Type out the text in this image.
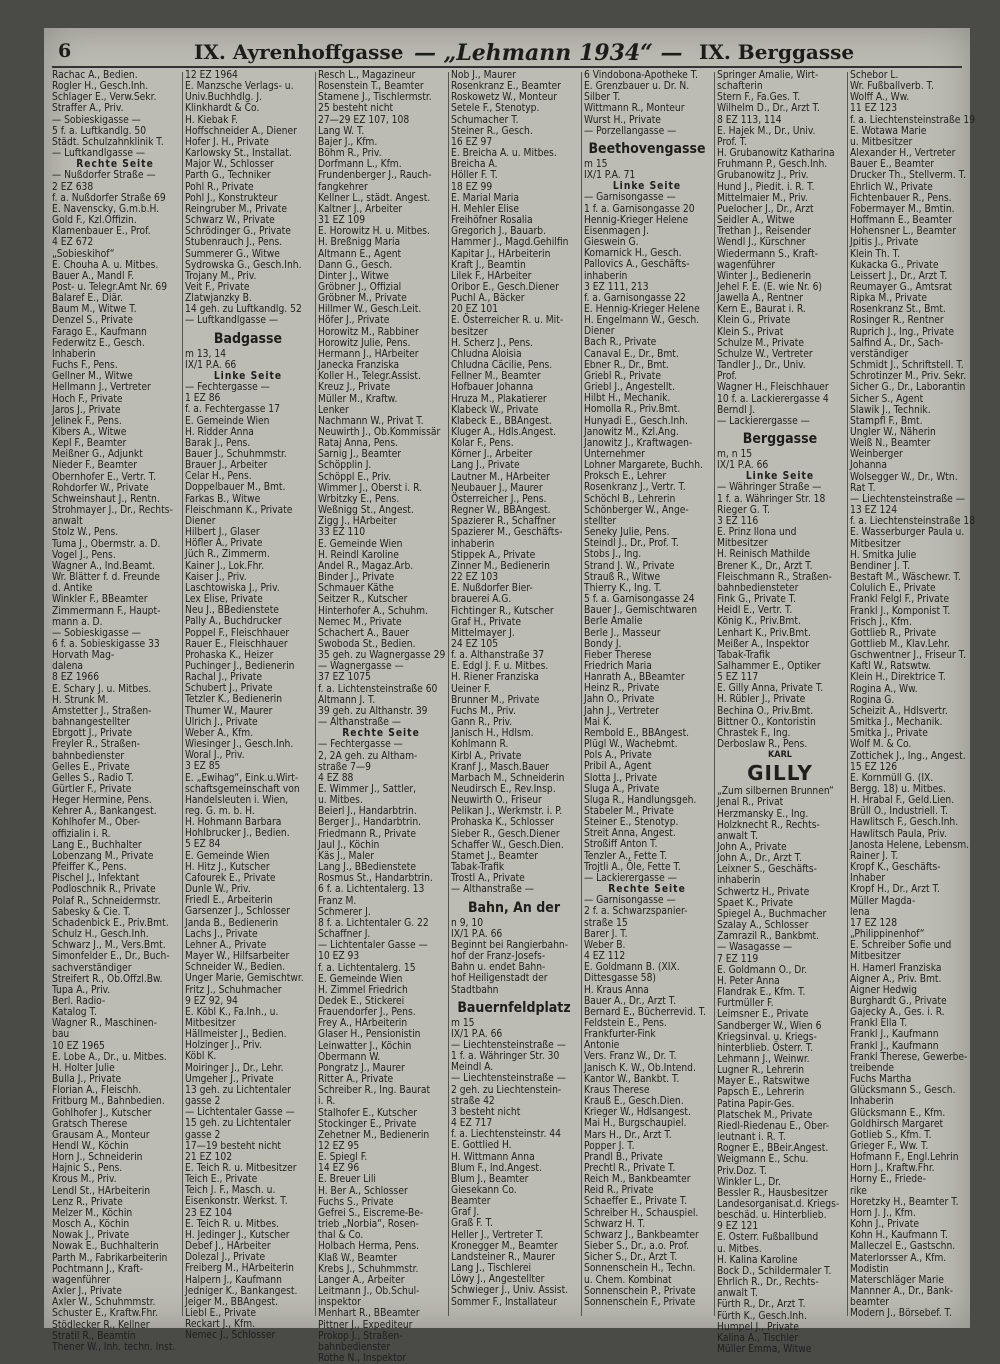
6	IX. Ayrenhoffgasse — „Lehmann 1934“ — IX. Berggasse
Rachac A., Bedien.
Rogler H., Gesch.Inh.
Schlager E., Verw.Sekr.
Straffer A., Priv.
— Sobieskigasse —
5 f. a. Luftkandlg. 50
Städt. Schulzahnklinik T.
— Luftkandlgasse —
Rechte Seite
— Nußdorfer Straße —
2 EZ 638
f. a. Nußdorfer Straße 69
E. Navenscky, G.m.b.H.
Gold F., Kzl.Offizin.
Klamenbauer E., Prof.
4 EZ 672
„Sobieskihof“
E. Chouha A. u. Mitbes.
Bauer A., Mandl F.
Post- u. Telegr.Amt Nr. 69
Balaref E., Diär.
Baum M., Witwe T.
Denzel S., Private
Farago E., Kaufmann
Federwitz E., Gesch.
Inhaberin
Fuchs F., Pens.
Gellner M., Witwe
Hellmann J., Vertreter
Hoch F., Private
Jaros J., Private
Jelinek F., Pens.
Kibers A., Witwe
Kepl F., Beamter
Meißner G., Adjunkt
Nieder F., Beamter
Obernhofer E., Vertr. T.
Rohdorfer W., Private
Schweinshaut J., Rentn.
Strohmayer J., Dr., Rechts-
anwalt
Stolz W., Pens.
Tuma J., Obermstr. a. D.
Vogel J., Pens.
Wagner A., Ind.Beamt.
Wr. Blätter f. d. Freunde
d. Antike
Winkler F., BBeamter
Zimmermann F., Haupt-
mann a. D.
— Sobieskigasse —
6 f. a. Sobieskigasse 33
Horvath Mag-
dalena
8 EZ 1966
E. Schary J. u. Mitbes.
H. Strunk M.
Amstetter J., Straßen-
bahnangestellter
Ebrgott J., Private
Freyler R., Straßen-
bahnbedienster
Gelles E., Private
Gelles S., Radio T.
Gürtler F., Private
Heger Hermine, Pens.
Kehrer A., Bankangest.
Kohlhofer M., Ober-
offizialin i. R.
Lang E., Buchhalter
Lobenzang M., Private
Pfeiffer K., Pens.
Pischel J., Infektant
Podloschnik R., Private
Polaf R., Schneidermstr.
Sabesky & Cie. T.
Schadenbick E., Priv.Bmt.
Schulz H., Gesch.Inh.
Schwarz J., M., Vers.Bmt.
Simonfelder E., Dr., Buch-
sachverständiger
Streifert R., Ob.Offzl.Bw.
Tupa A., Priv.
Berl. Radio-
Katalog T.
Wagner R., Maschinen-
bau
10 EZ 1965
E. Lobe A., Dr., u. Mitbes.
H. Holter Julie
Bulla J., Private
Florian A., Fleischh.
Fritburg M., Bahnbedien.
Gohlhofer J., Kutscher
Gratsch Therese
Grausam A., Monteur
Hendl W., Köchin
Horn J., Schneiderin
Hajnic S., Pens.
Krous M., Priv.
Lendl St., HArbeiterin
Lenz R., Private
Melzer M., Köchin
Mosch A., Köchin
Nowak J., Private
Nowak E., Buchhalterin
Parth M., Fabrikarbeiterin
Pochtmann J., Kraft-
wagenführer
Axler J., Private
Axler W., Schuhmmstr.
Schuster E., Kraftw.Fhr.
Stödlecker R., Kellner
Stratil R., Beamtin
Thener W., Inh. techn. Inst.
12 EZ 1964
E. Manzsche Verlags- u.
Univ.Buchhdlg. J.
Klinkhardt & Co.
H. Kiebak F.
Hoffschneider A., Diener
Hofer J. H., Private
Karlowsky St., Installat.
Major W., Schlosser
Parth G., Techniker
Pohl R., Private
Pohl J., Konstrukteur
Reingruber M., Private
Schwarz W., Private
Schrödinger G., Private
Stubenrauch J., Pens.
Summerer G., Witwe
Sydrowska G., Gesch.Inh.
Trojany M., Priv.
Veit F., Private
Zlatwjanzky B.
14 geh. zu Luftkandlg. 52
— Luftkandlgasse —
Badgasse
m 13, 14
IX/1 P.A. 66
Linke Seite
— Fechtergasse —
1 EZ 86
f. a. Fechtergasse 17
E. Gemeinde Wien
H. Ridder Anna
Barak J., Pens.
Bauer J., Schuhmmstr.
Brauer J., Arbeiter
Celar H., Pens.
Doppelbauer M., Bmt.
Farkas B., Witwe
Fleischmann K., Private
Diener
Hilbert J., Glaser
Höfler A., Private
Jüch R., Zimmerm.
Kainer J., Lok.Fhr.
Kaiser J., Priv.
Laschtowiska J., Priv.
Lex Elise, Private
Neu J., BBedienstete
Pally A., Buchdrucker
Poppel F., Fleischhauer
Rauer E., Fleischhauer
Prohaska K., Heizer
Puchinger J., Bedienerin
Rachal J., Private
Schubert J., Private
Tetzler K., Bedienerin
Thumer W., Maurer
Ulrich J., Private
Weber A., Kfm.
Wiesinger J., Gesch.Inh.
Woral J., Priv.
3 EZ 85
E. „Ewihag“, Eink.u.Wirt-
schaftsgemeinschaft von
Handelsleuten i. Wien,
reg. G. m. b. H.
H. Hohmann Barbara
Hohlbrucker J., Bedien.
5 EZ 84
E. Gemeinde Wien
H. Hitz J., Kutscher
Cafourek E., Private
Dunle W., Priv.
Friedl E., Arbeiterin
Garsenzer J., Schlosser
Janda B., Bedienerin
Lachs J., Private
Lehner A., Private
Mayer W., Hilfsarbeiter
Schneider W., Bedien.
Unger Marie, Gemischtwr.
Fritz J., Schuhmacher
9 EZ 92, 94
E. Köbl K., Fa.Inh., u.
Mitbesitzer
Hällmeister J., Bedien.
Holzinger J., Priv.
Köbl K.
Moiringer J., Dr., Lehr.
Umgeher J., Private
13 geh. zu Lichtentaler
gasse 2
— Lichtentaler Gasse —
15 geh. zu Lichtentaler
gasse 2
17—19 besteht nicht
21 EZ 102
E. Teich R. u. Mitbesitzer
Teich E., Private
Teich J. F., Masch. u.
Eisenkonstr. Werkst. T.
23 EZ 104
E. Teich R. u. Mitbes.
H. Jedinger J., Kutscher
Debef J., HArbeiter
Dolezal J., Private
Freiberg M., HArbeiterin
Halpern J., Kaufmann
Jedniger K., Bankangest.
Jeiger M., BBAngest.
Liebl E., Private
Reckart J., Kfm.
Nemec J., Schlosser
Resch L., Magazineur
Rosenstein T., Beamter
Stamene J., Tischlermstr.
25 besteht nicht
27—29 EZ 107, 108
Lang W. T.
Bajer J., Kfm.
Böhm R., Priv.
Dorfmann L., Kfm.
Frundenberger J., Rauch-
fangkehrer
Kellner L., städt. Angest.
Kaltner J., Arbeiter
31 EZ 109
E. Horowitz H. u. Mitbes.
H. Breßnigg Maria
Altmann E., Agent
Dann G., Gesch.
Dinter J., Witwe
Gröbner J., Offizial
Gröbner M., Private
Hillmer W., Gesch.Leit.
Höfer J., Private
Horowitz M., Rabbiner
Horowitz Julie, Pens.
Hermann J., HArbeiter
Janecka Franziska
Koller H., Telegr.Assist.
Kreuz J., Private
Müller M., Kraftw.
Lenker
Nachmann W., Privat T.
Neuwirth J., Ob.Kommissär
Rataj Anna, Pens.
Sarnig J., Beamter
Schöpplin J.
Schöppl E., Priv.
Wimmer J., Oberst i. R.
Wrbitzky E., Pens.
Weßnigg St., Angest.
Zigg J., HArbeiter
33 EZ 110
E. Gemeinde Wien
H. Reindl Karoline
Andel R., Magaz.Arb.
Binder J., Private
Schmauer Käthe
Seitzer R., Kutscher
Hinterhofer A., Schuhm.
Nemec M., Private
Schachert A., Bauer
Swoboda St., Bedien.
35 geh. zu Wagnergasse 29
— Wagnergasse —
37 EZ 1075
f. a. Lichtensteinstraße 60
Altmann J. T.
39 geh. zu Althanstr. 39
— Althanstraße —
Rechte Seite
— Fechtergasse —
2, 2A geh. zu Altham-
straße 7—9
4 EZ 88
E. Wimmer J., Sattler,
u. Mitbes.
Beierl J., Handarbtrin.
Berger J., Handarbtrin.
Friedmann R., Private
Jaul J., Köchin
Käs J., Maler
Lang J., BBedienstete
Rosmus St., Handarbtrin.
6 f. a. Lichtentalerg. 13
Franz M.
Schmerer J.
8 f. a. Lichtentaler G. 22
Schaffner J.
— Lichtentaler Gasse —
10 EZ 93
f. a. Lichtentalerg. 15
E. Gemeinde Wien
H. Zimmel Friedrich
Dedek E., Stickerei
Frauendorfer J., Pens.
Frey A., HArbeiterin
Glaser H., Pensionistin
Leinwatter J., Köchin
Obermann W.
Pongratz J., Maurer
Ritter A., Private
Schreiber R., Ing. Baurat
i. R.
Stalhofer E., Kutscher
Stockinger E., Private
Zehetner M., Bedienerin
12 EZ 95
E. Spiegl F.
14 EZ 96
E. Breuer Lili
H. Ber A., Schlosser
Fuchs S., Private
Gefrei S., Eiscreme-Be-
trieb „Norbia“, Rosen-
thal & Co.
Holbach Herma, Pens.
Klaß W., Beamter
Krebs J., Schuhmmstr.
Langer A., Arbeiter
Leitmann J., Ob.Schul-
inspektor
Menhart R., BBeamter
Pittner J., Expediteur
Prokop J., Straßen-
bahnbedienster
Rothe N., Inspektor
Nob J., Maurer
Rosenkranz E., Beamter
Roskowetz W., Monteur
Setele F., Stenotyp.
Schumacher T.
Steiner R., Gesch.
16 EZ 97
E. Breicha A. u. Mitbes.
Breicha A.
Höller F. T.
18 EZ 99
E. Marial Maria
H. Mehler Elise
Freihöfner Rosalia
Gregorich J., Bauarb.
Hammer J., Magd.Gehilfin
Kapitar J., HArbeiterin
Kraft J., Beamtin
Lilek F., HArbeiter
Oribor E., Gesch.Diener
Puchl A., Bäcker
20 EZ 101
E. Österreicher R. u. Mit-
besitzer
H. Scherz J., Pens.
Chludna Aloisia
Chludna Cäcilie, Pens.
Fellner M., Beamter
Hofbauer Johanna
Hruza M., Plakatierer
Klabeck W., Private
Klabeck E., BBAngest.
Kluger A., Hdls.Angest.
Kolar F., Pens.
Körner J., Arbeiter
Lang J., Private
Lautner M., HArbeiter
Neubauer J., Maurer
Österreicher J., Pens.
Regner W., BBAngest.
Spazierer R., Schaffner
Spazierer M., Geschäfts-
inhaberin
Stippek A., Private
Zinner M., Bedienerin
22 EZ 103
E. Nußdorfer Bier-
brauerei A.G.
Fichtinger R., Kutscher
Graf H., Private
Mittelmayer J.
24 EZ 105
f. a. Althanstraße 37
E. Edgl J. F. u. Mitbes.
H. Riener Franziska
Ueiner F.
Brunner M., Private
Fuchs M., Priv.
Gann R., Priv.
Janisch H., Hdlsm.
Kohlmann R.
Kirbl A., Private
Kranf J., Masch.Bauer
Marbach M., Schneiderin
Neudirsch E., Rev.Insp.
Neuwirth O., Friseur
Pelikan J., Werkmstr. i. P.
Prohaska K., Schlosser
Sieber R., Gesch.Diener
Schaffer W., Gesch.Dien.
Stamet J., Beamter
Tabak-Trafik
Trostl A., Private
— Althanstraße —
Bahn, An der
n 9, 10
IX/1 P.A. 66
Beginnt bei Rangierbahn-
hof der Franz-Josefs-
Bahn u. endet Bahn-
hof Heiligenstadt der
Stadtbahn
Bauernfeldplatz
m 15
IX/1 P.A. 66
— Liechtensteinstraße —
1 f. a. Währinger Str. 30
Meindl A.
— Liechtensteinstraße —
2 geh. zu Liechtenstein-
straße 42
3 besteht nicht
4 EZ 717
f. a. Liechtensteinstr. 44
E. Gottlied H.
H. Wittmann Anna
Blum F., Ind.Angest.
Blum J., Beamter
Giesekann Co.
Beamter
Graf J.
Graß F. T.
Heller J., Vertreter T.
Kronegger M., Beamter
Landsteiner R., Maurer
Lang J., Tischlerei
Löwy J., Angestellter
Schwieger J., Univ. Assist.
Sommer F., Installateur
6 Vindobona-Apotheke T.
E. Grenzbauer u. Dr. N.
Silber T.
Wittmann R., Monteur
Wurst H., Private
— Porzellangasse —
Beethovengasse
m 15
IX/1 P.A. 71
Linke Seite
— Garnisongasse —
1 f. a. Garnisongasse 20
Hennig-Krieger Helene
Eisenmagen J.
Gieswein G.
Komarnick H., Gesch.
Pallovics A., Geschäfts-
inhaberin
3 EZ 111, 213
f. a. Garnisongasse 22
E. Hennig-Krieger Helene
H. Engelmann W., Gesch.
Diener
Bach R., Private
Canaval E., Dr., Bmt.
Ebner R., Dr., Bmt.
Griebl R., Private
Griebl J., Angestellt.
Hilbt H., Mechanik.
Homolla R., Priv.Bmt.
Hunyadi E., Gesch.Inh.
Janowitz M., Kzl.Ang.
Janowitz J., Kraftwagen-
Unternehmer
Lohner Margarete, Buchh.
Proksch E., Lehrer
Rosenkranz J., Vertr. T.
Schöchl B., Lehrerin
Schönberger W., Ange-
stellter
Seneky Julie, Pens.
Steindl J., Dr., Prof. T.
Stobs J., Ing.
Strand J. W., Private
Strauß R., Witwe
Thierry K., Ing. T.
5 f. a. Garnisongasse 24
Bauer J., Gemischtwaren
Berle Amalie
Berle J., Masseur
Bondy J.
Fieber Therese
Friedrich Maria
Hanrath A., BBeamter
Heinz R., Private
Jahn O., Private
Jahn J., Vertreter
Mai K.
Rembold E., BBAngest.
Plügl W., Wachebmt.
Pols A., Private
Pribil A., Agent
Slotta J., Private
Sluga A., Private
Sluga R., Handlungsgeh.
Stabeler M., Private
Steiner E., Stenotyp.
Streit Anna, Angest.
Stroßiff Anton T.
Tenzler A., Fette T.
Trojtli A., Öle, Fette T.
— Lackierergasse —
Rechte Seite
— Garnisongasse —
2 f. a. Schwarzspanier-
straße 15
Barer J. T.
Weber B.
4 EZ 112
E. Goldmann B. (XIX.
Dittesgasse 58)
H. Kraus Anna
Bauer A., Dr., Arzt T.
Bernard E., Bücherrevid. T.
Feldstein E., Pens.
Frankfurter-Fink
Antonie
Vers. Franz W., Dr. T.
Janisch K. W., Ob.Intend.
Kantor W., Bankbt. T.
Kraus Therese
Krauß E., Gesch.Dien.
Krieger W., Hdlsangest.
Mai H., Burgschaupiel.
Mars H., Dr., Arzt T.
Popper J. T.
Prandl B., Private
Prechtl R., Private T.
Reich M., Bankbeamter
Reid R., Private
Schaeffer E., Private T.
Schreiber H., Schauspiel.
Schwarz H. T.
Schwarz J., Bankbeamter
Sieber S., Dr., a.o. Prof.
Sicher S., Dr., Arzt T.
Sonnenschein H., Techn.
u. Chem. Kombinat
Sonnenschein P., Private
Sonnenschein F., Private
Springer Amalie, Wirt-
schafterin
Stern F., Fa.Ges. T.
Wilhelm D., Dr., Arzt T.
8 EZ 113, 114
E. Hajek M., Dr., Univ.
Prof. T.
H. Grubanowitz Katharina
Fruhmann P., Gesch.Inh.
Grubanowitz J., Priv.
Hund J., Piedit. i. R. T.
Mittelmaier M., Priv.
Puelocher J., Dr., Arzt
Seidler A., Witwe
Trethan J., Reisender
Wendl J., Kürschner
Wiedermann S., Kraft-
wagenführer
Winter J., Bedienerin
Jehel F. E. (E. wie Nr. 6)
Jawella A., Rentner
Kern E., Baurat i. R.
Klein G., Private
Klein S., Privat
Schulze M., Private
Schulze W., Vertreter
Tandler J., Dr., Univ.
Prof.
Wagner H., Fleischhauer
10 f. a. Lackierergasse 4
Berndl J.
— Lackierergasse —
Berggasse
m, n 15
IX/1 P.A. 66
Linke Seite
— Währinger Straße —
1 f. a. Währinger Str. 18
Rieger G. T.
3 EZ 116
E. Prinz Ilona und
Mitbesitzer
H. Reinisch Mathilde
Brener K., Dr., Arzt T.
Fleischmann R., Straßen-
bahnbediensteter
Fink G., Private T.
Heidl E., Vertr. T.
König K., Priv.Bmt.
Lenhart K., Priv.Bmt.
Meißer A., Inspektor
Tabak-Trafik
Salhammer E., Optiker
5 EZ 117
E. Gilly Anna, Private T.
H. Rübler J., Private
Bechina O., Priv.Bmt.
Bittner O., Kontoristin
Chrastek F., Ing.
Derboslaw R., Pens.
KARL
GILLY
„Zum silbernen Brunnen“
Jenal R., Privat
Herzmansky E., Ing.
Holzknecht R., Rechts-
anwalt T.
John A., Private
John A., Dr., Arzt T.
Leixner S., Geschäfts-
inhaberin
Schwertz H., Private
Spaet K., Private
Spiegel A., Buchmacher
Szalay A., Schlosser
Zamrazil R., Bankbmt.
— Wasagasse —
7 EZ 119
E. Goldmann O., Dr.
H. Peter Anna
Flandrak E., Kfm. T.
Furtmüller F.
Leimsner E., Private
Sandberger W., Wien 6
Kriegsinval. u. Kriegs-
hinterblieb. Österr. T.
Lehmann J., Weinwr.
Lugner R., Lehrerin
Mayer E., Ratswitwe
Papsch E., Lehrerin
Patina Papir-Ges.
Platschek M., Private
Riedl-Riedenau E., Ober-
leutnant i. R. T.
Rogner E., BBeir.Angest.
Weigmann E., Schu.
Priv.Doz. T.
Winkler L., Dr.
Bessler R., Hausbesitzer
Landesorganisat.d. Kriegs-
beschäd. u. Hinterblieb.
9 EZ 121
E. Osterr. Fußballbund
u. Mitbes.
H. Kalina Karoline
Bock D., Schildermaler T.
Ehrlich R., Dr., Rechts-
anwalt T.
Fürth R., Dr., Arzt T.
Fürth K., Gesch.Inh.
Humpel J., Private
Kalina A., Tischler
Müller Emma, Witwe
Schebor L.
Wr. Fußballverb. T.
Wolff A., Ww.
11 EZ 123
f. a. Liechtensteinstraße 19
E. Wotawa Marie
u. Mitbesitzer
Alexander H., Vertreter
Bauer E., Beamter
Drucker Th., Stellverm. T.
Ehrlich W., Private
Fichtenbauer R., Pens.
Fobermayer M., Bmtin.
Hoffmann E., Beamter
Hohensner L., Beamter
Jpitis J., Private
Klein Th. T.
Kukacka G., Private
Leissert J., Dr., Arzt T.
Reumayer G., Amtsrat
Ripka M., Private
Rosenkranz St., Bmt.
Rosinger R., Rentner
Ruprich J., Ing., Private
Salfind A., Dr., Sach-
verständiger
Schmidt J., Schriftstell. T.
Schrotinzer M., Priv. Sekr.
Sicher G., Dr., Laborantin
Sicher S., Agent
Slawik J., Technik.
Stampfl F., Bmt.
Ungler W., Näherin
Weiß N., Beamter
Weinberger
Johanna
Wolsegger W., Dr., Wtn.
Rat T.
— Liechtensteinstraße —
13 EZ 124
f. a. Liechtensteinstraße 18
E. Wasserburger Paula u.
Mitbesitzer
H. Smitka Julie
Bendiner J. T.
Bestaft M., Wäschewr. T.
Colulich E., Private
Frankl Felgl F., Private
Frankl J., Komponist T.
Frisch J., Kfm.
Gottlieb R., Private
Gottlieb M., Klav.Lehr.
Gschwentner J., Friseur T.
Kaftl W., Ratswtw.
Klein H., Direktrice T.
Rogina A., Ww.
Rogina G.
Scheizit A., Hdlsvertr.
Smitka J., Mechanik.
Smitka J., Private
Wolf M. & Co.
Zottichek J., Ing., Angest.
15 EZ 126
E. Kornmüll G. (IX.
Bergg. 18) u. Mitbes.
H. Hrabal F., Geld.Lien.
Brüll O., Industriell. T.
Hawlitsch F., Gesch.Inh.
Hawlitsch Paula, Priv.
Janosta Helene, Lebensm.
Rainer J. T.
Kropf K., Geschäfts-
Inhaber
Kropf H., Dr., Arzt T.
Müller Magda-
lena
17 EZ 128
„Philippinenhof“
E. Schreiber Sofie und
Mitbesitzer
H. Hamerl Franziska
Aigner A., Priv. Bmt.
Aigner Hedwig
Burghardt G., Private
Gajecky A., Ges. i. R.
Frankl Ella T.
Frankl J., Kaufmann
Frankl J., Kaufmann
Frankl Therese, Gewerbe-
treibende
Fuchs Martha
Glücksmann S., Gesch.
Inhaberin
Glücksmann E., Kfm.
Goldhirsch Margaret
Gotlieb S., Kfm. T.
Grieger F., Ww. T.
Hofmann F., Engl.Lehrin
Horn J., Kraftw.Fhr.
Horny E., Friede-
rike
Horetzky H., Beamter T.
Horn J. J., Kfm.
Kohn J., Private
Kohn H., Kaufmann T.
Malleczel E., Gastschn.
Materlorsser A., Kfm.
Modistin
Materschläger Marie
Mannner A., Dr., Bank-
beamter
Modern J., Börsebef. T.
